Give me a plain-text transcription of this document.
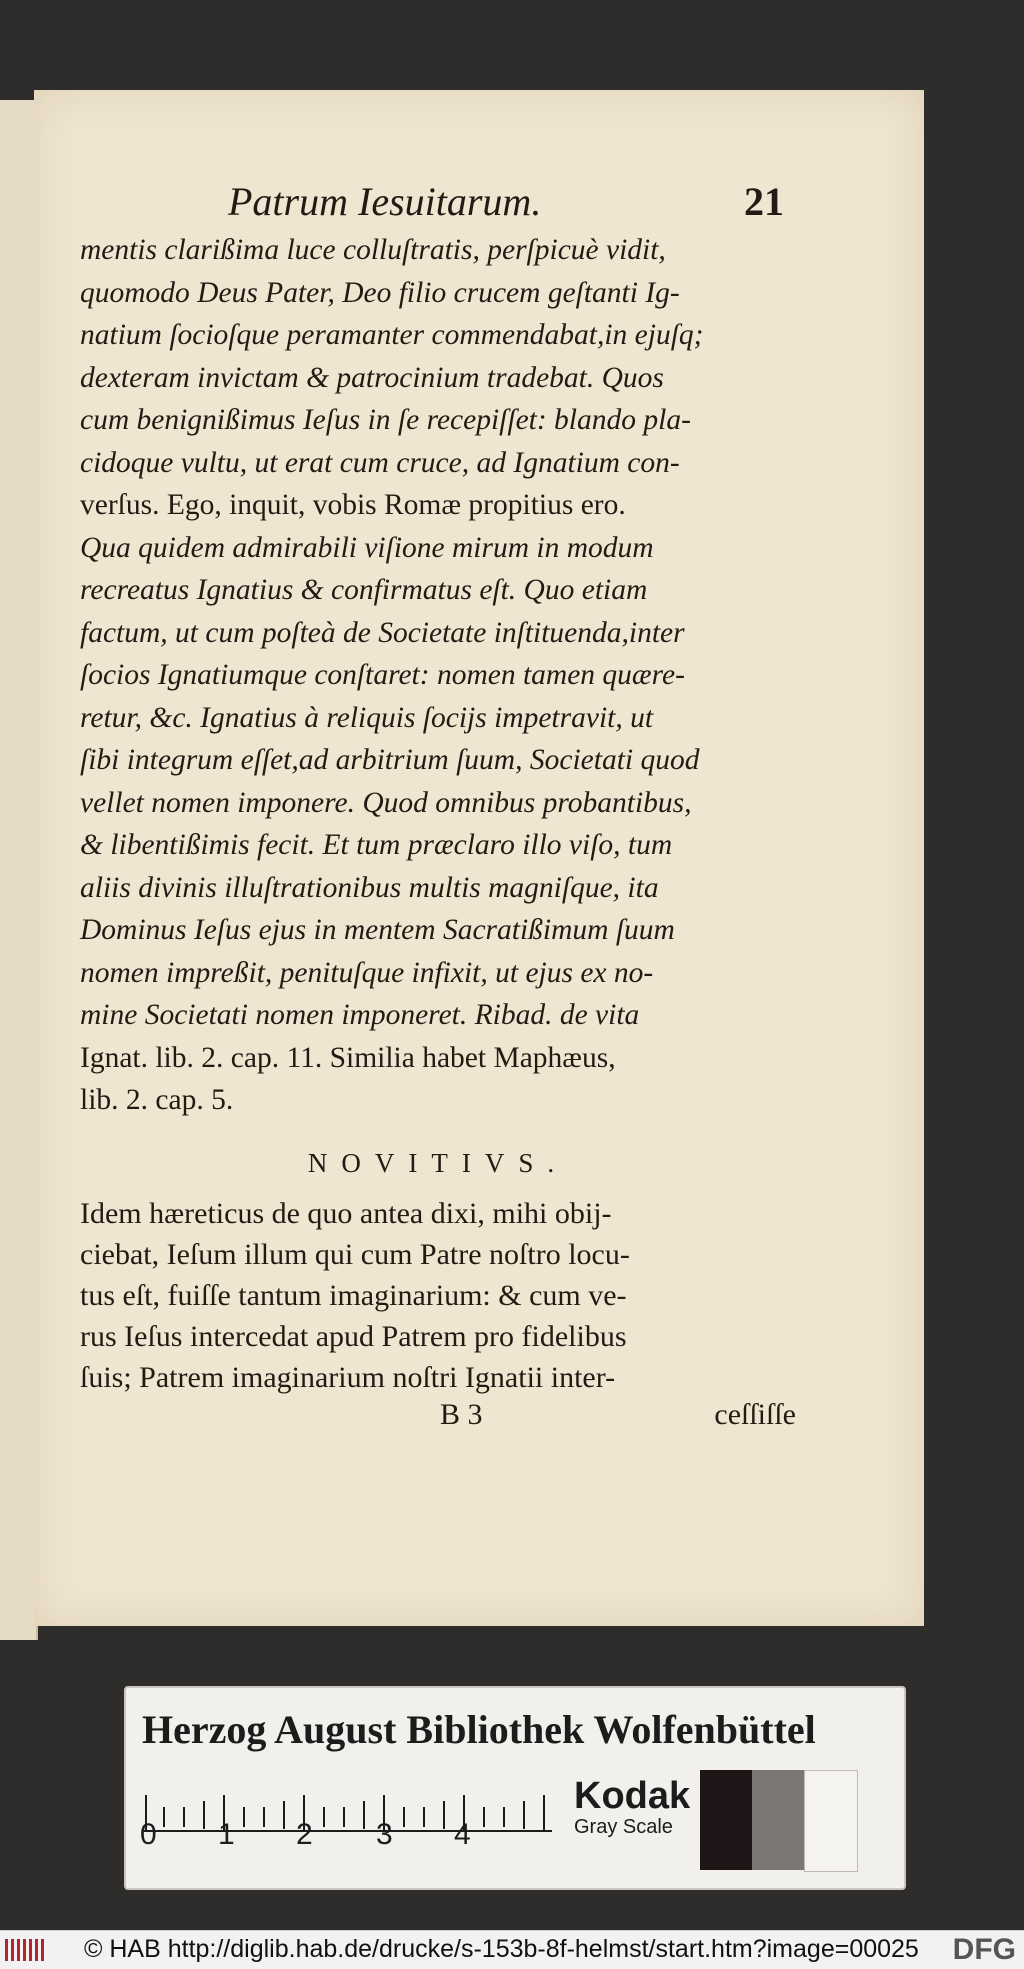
Patrum Iesuitarum.	21
mentis clarißima luce colluſtratis, perſpicuè vidit,
quomodo Deus Pater, Deo filio crucem geſtanti Ig-
natium ſocioſque peramanter commendabat,in ejuſq;
dexteram invictam & patrocinium tradebat. Quos
cum benignißimus Ieſus in ſe recepiſſet: blando pla-
cidoque vultu, ut erat cum cruce, ad Ignatium con-
verſus. Ego, inquit, vobis Romæ propitius ero.
Qua quidem admirabili viſione mirum in modum
recreatus Ignatius & confirmatus eſt. Quo etiam
factum, ut cum poſteà de Societate inſtituenda,inter
ſocios Ignatiumque conſtaret: nomen tamen quære-
retur, &c. Ignatius à reliquis ſocijs impetravit, ut
ſibi integrum eſſet,ad arbitrium ſuum, Societati quod
vellet nomen imponere. Quod omnibus probantibus,
& libentißimis fecit. Et tum præclaro illo viſo, tum
aliis divinis illuſtrationibus multis magniſque, ita
Dominus Ieſus ejus in mentem Sacratißimum ſuum
nomen impreßit, penituſque infixit, ut ejus ex no-
mine Societati nomen imponeret. Ribad. de vita
Ignat. lib. 2. cap. 11. Similia habet Maphæus,
lib. 2. cap. 5.
NOVITIVS.
Idem hæreticus de quo antea dixi, mihi obij-
ciebat, Ieſum illum qui cum Patre noſtro locu-
tus eſt, fuiſſe tantum imaginarium: & cum ve-
rus Ieſus intercedat apud Patrem pro fidelibus
ſuis; Patrem imaginarium noſtri Ignatii inter-
B 3	ceſſiſſe
Herzog August Bibliothek Wolfenbüttel
0 1 2 3 4
Kodak
Gray Scale
© HAB http://diglib.hab.de/drucke/s-153b-8f-helmst/start.htm?image=00025 DFG
